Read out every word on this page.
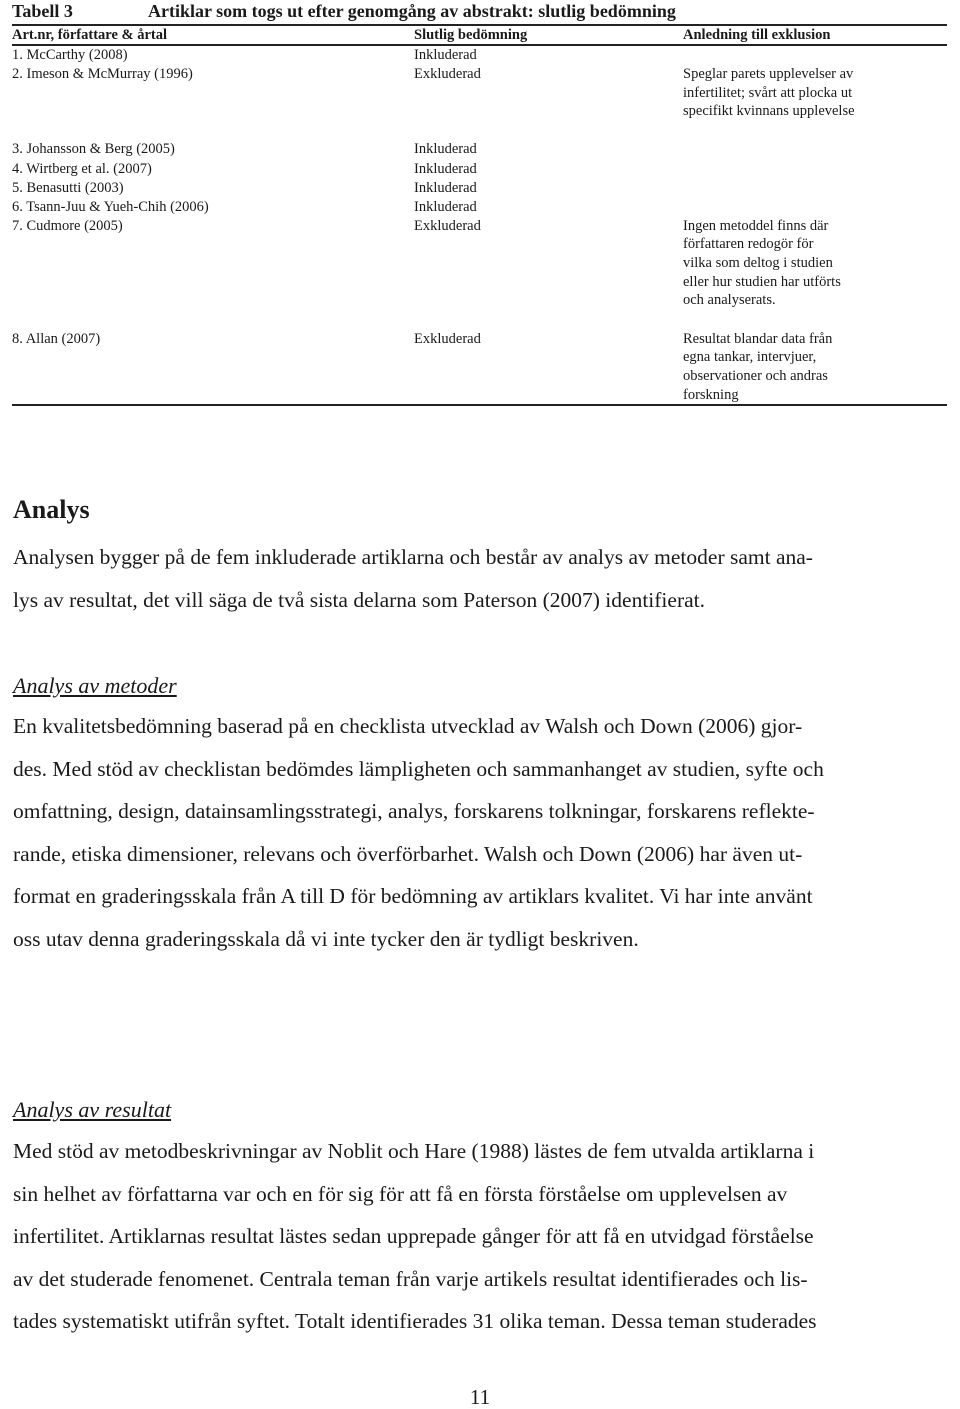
Tabell 3	Artiklar som togs ut efter genomgång av abstrakt: slutlig bedömning
Art.nr, författare & årtal	Slutlig bedömning	Anledning till exklusion
1. McCarthy (2008)	Inkluderad
2. Imeson & McMurray (1996)	Exkluderad	Speglar parets upplevelser av infertilitet; svårt att plocka ut specifikt kvinnans upplevelse
3. Johansson & Berg (2005)	Inkluderad
4. Wirtberg et al. (2007)	Inkluderad
5. Benasutti (2003)	Inkluderad
6. Tsann-Juu & Yueh-Chih (2006)	Inkluderad
7. Cudmore (2005)	Exkluderad	Ingen metoddel finns där författaren redogör för vilka som deltog i studien eller hur studien har utförts och analyserats.
8. Allan (2007)	Exkluderad	Resultat blandar data från egna tankar, intervjuer, observationer och andras forskning
Analys
Analysen bygger på de fem inkluderade artiklarna och består av analys av metoder samt ana-
lys av resultat, det vill säga de två sista delarna som Paterson (2007) identifierat.
Analys av metoder
En kvalitetsbedömning baserad på en checklista utvecklad av Walsh och Down (2006) gjor-
des. Med stöd av checklistan bedömdes lämpligheten och sammanhanget av studien, syfte och
omfattning, design, datainsamlingsstrategi, analys, forskarens tolkningar, forskarens reflekte-
rande, etiska dimensioner, relevans och överförbarhet. Walsh och Down (2006) har även ut-
format en graderingsskala från A till D för bedömning av artiklars kvalitet. Vi har inte använt
oss utav denna graderingsskala då vi inte tycker den är tydligt beskriven.
Analys av resultat
Med stöd av metodbeskrivningar av Noblit och Hare (1988) lästes de fem utvalda artiklarna i
sin helhet av författarna var och en för sig för att få en första förståelse om upplevelsen av
infertilitet. Artiklarnas resultat lästes sedan upprepade gånger för att få en utvidgad förståelse
av det studerade fenomenet. Centrala teman från varje artikels resultat identifierades och lis-
tades systematiskt utifrån syftet. Totalt identifierades 31 olika teman. Dessa teman studerades
11
